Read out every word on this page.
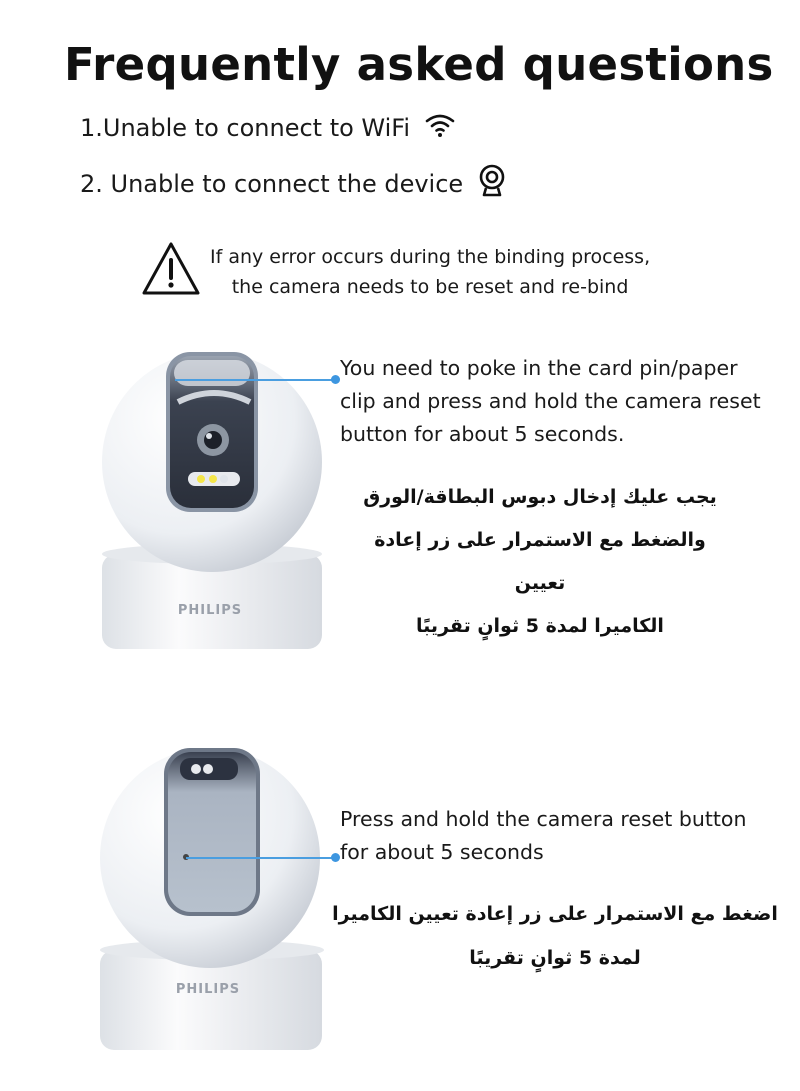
Frequently asked questions
1.Unable to connect to WiFi
2. Unable to connect the device
If any error occurs during the binding process,
the camera needs to be reset and re-bind
PHILIPS
You need to poke in the card pin/paper
clip and press and hold the camera reset
button for about 5 seconds.
يجب عليك إدخال دبوس البطاقة/الورق
والضغط مع الاستمرار على زر إعادة تعيين
الكاميرا لمدة 5 ثوانٍ تقريبًا
PHILIPS
Press and hold the camera reset button
for about 5 seconds
اضغط مع الاستمرار على زر إعادة تعيين الكاميرا
لمدة 5 ثوانٍ تقريبًا
